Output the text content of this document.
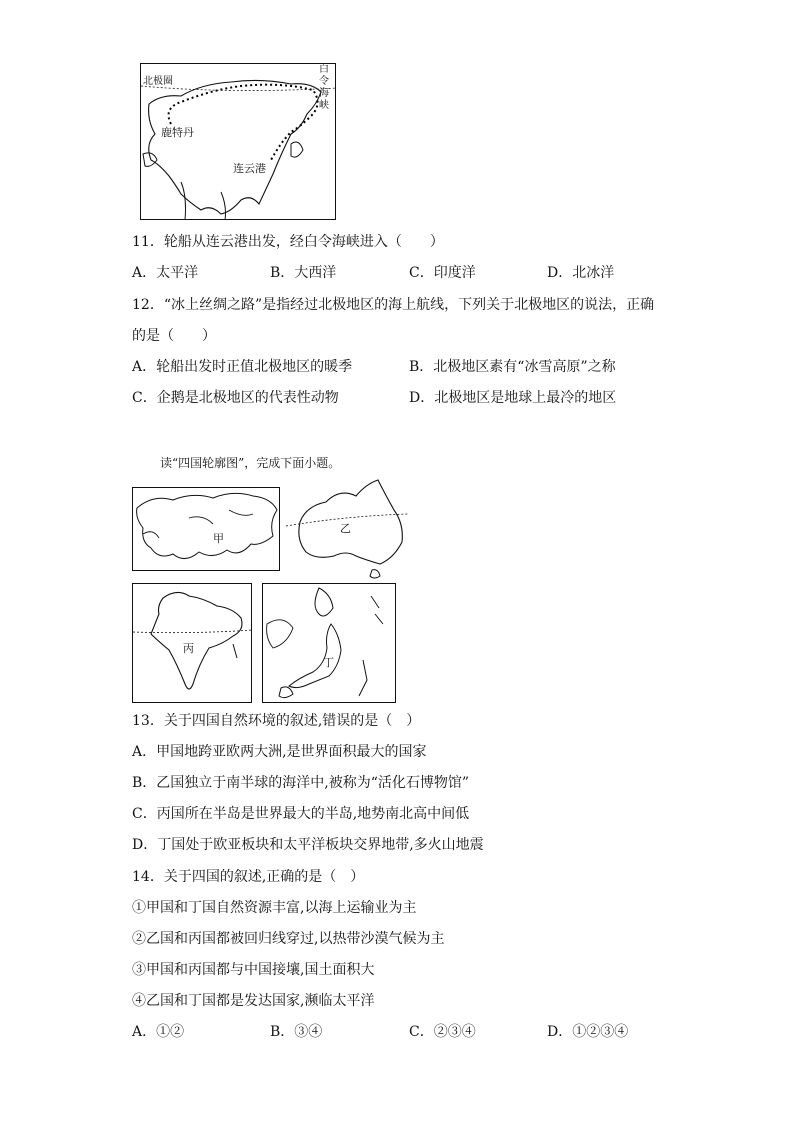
北极圈
鹿特丹
连云港
白令海峡
11．轮船从连云港出发，经白令海峡进入（　　）
A．太平洋	B．大西洋	C．印度洋	D．北冰洋
12．“冰上丝绸之路”是指经过北极地区的海上航线，下列关于北极地区的说法，正确
的是（　　）
A．轮船出发时正值北极地区的暖季	B．北极地区素有“冰雪高原”之称
C．企鹅是北极地区的代表性动物	D．北极地区是地球上最冷的地区
读“四国轮廓图”，完成下面小题。
甲
乙
丙
丁
13．关于四国自然环境的叙述,错误的是（　）
A．甲国地跨亚欧两大洲,是世界面积最大的国家
B．乙国独立于南半球的海洋中,被称为“活化石博物馆”
C．丙国所在半岛是世界最大的半岛,地势南北高中间低
D．丁国处于欧亚板块和太平洋板块交界地带,多火山地震
14．关于四国的叙述,正确的是（　）
①甲国和丁国自然资源丰富,以海上运输业为主
②乙国和丙国都被回归线穿过,以热带沙漠气候为主
③甲国和丙国都与中国接壤,国土面积大
④乙国和丁国都是发达国家,濒临太平洋
A．①②	B．③④	C．②③④	D．①②③④
